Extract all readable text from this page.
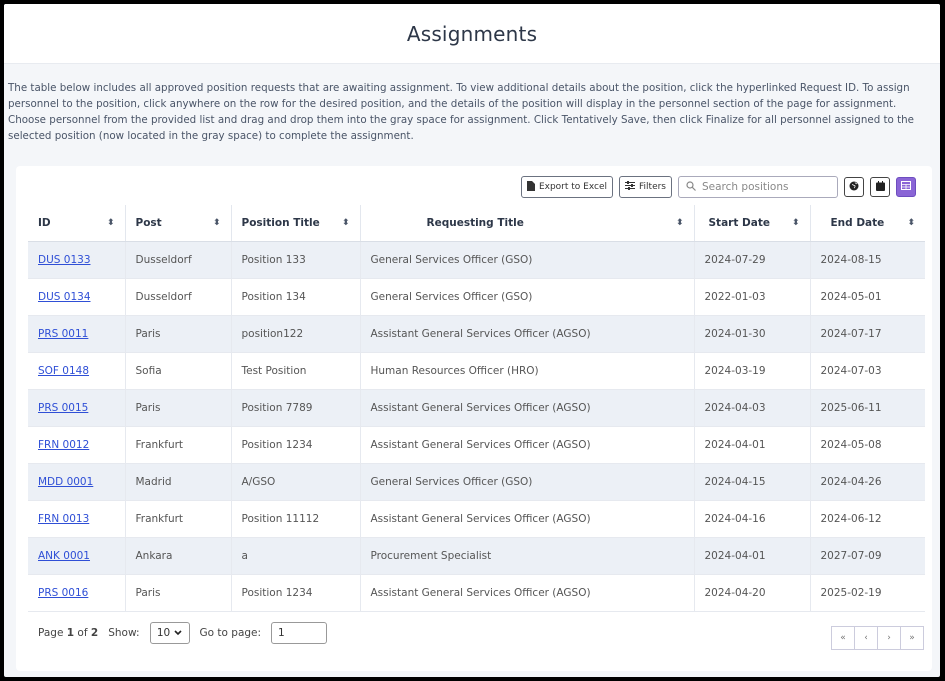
Assignments

The table below includes all approved position requests that are awaiting assignment. To view additional details about the position, click the hyperlinked Request ID. To assign personnel to the position, click anywhere on the row for the desired position, and the details of the position will display in the personnel section of the page for assignment. Choose personnel from the provided list and drag and drop them into the gray space for assignment. Click Tentatively Save, then click Finalize for all personnel assigned to the selected position (now located in the gray space) to complete the assignment.

Export to Excel	Filters
Search positions
ID ⬍	Post ⬍	Position Title ⬍	Requesting Title ⬍	Start Date ⬍	End Date ⬍

DUS 0133	Dusseldorf	Position 133	General Services Officer (GSO)	2024-07-29	2024-08-15
DUS 0134	Dusseldorf	Position 134	General Services Officer (GSO)	2022-01-03	2024-05-01
PRS 0011	Paris	position122	Assistant General Services Officer (AGSO)	2024-01-30	2024-07-17
SOF 0148	Sofia	Test Position	Human Resources Officer (HRO)	2024-03-19	2024-07-03
PRS 0015	Paris	Position 7789	Assistant General Services Officer (AGSO)	2024-04-03	2025-06-11
FRN 0012	Frankfurt	Position 1234	Assistant General Services Officer (AGSO)	2024-04-01	2024-05-08
MDD 0001	Madrid	A/GSO	General Services Officer (GSO)	2024-04-15	2024-04-26
FRN 0013	Frankfurt	Position 11112	Assistant General Services Officer (AGSO)	2024-04-16	2024-06-12
ANK 0001	Ankara	a	Procurement Specialist	2024-04-01	2027-07-09
PRS 0016	Paris	Position 1234	Assistant General Services Officer (AGSO)	2024-04-20	2025-02-19
Page 1 of 2 Show: 10	Go to page: 1	«	‹	›	»
